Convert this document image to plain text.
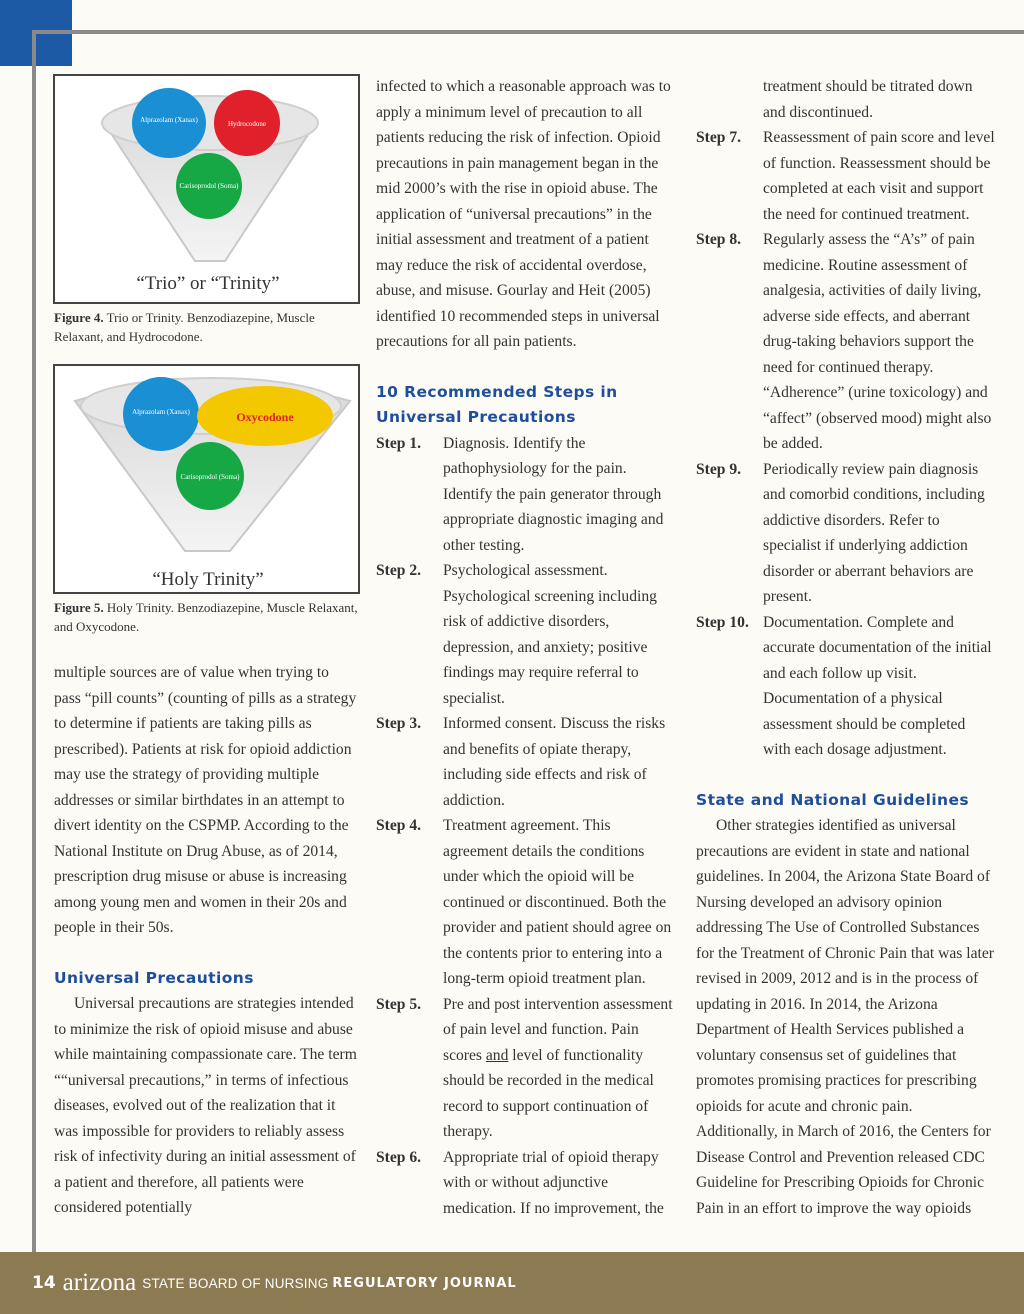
Alprazolam (Xanax)	Hydrocodone
Carisoprodol (Soma)
“Trio” or “Trinity”
Figure 4. Trio or Trinity. Benzodiazepine, Muscle Relaxant, and Hydrocodone.
Alprazolam (Xanax)	Oxycodone
Carisoprodol (Soma)
“Holy Trinity”
Figure 5. Holy Trinity. Benzodiazepine, Muscle Relaxant, and Oxycodone.

multiple sources are of value when trying to pass “pill counts” (counting of pills as a strategy to determine if patients are taking pills as prescribed). Patients at risk for opioid addiction may use the strategy of providing multiple addresses or similar birthdates in an attempt to divert identity on the CSPMP. According to the National Institute on Drug Abuse, as of 2014, prescription drug misuse or abuse is increasing among young men and women in their 20s and people in their 50s.

Universal Precautions

Universal precautions are strategies intended to minimize the risk of opioid misuse and abuse while maintaining compassionate care. The term ““universal precautions,” in terms of infectious diseases, evolved out of the realization that it was impossible for providers to reliably assess risk of infectivity during an initial assessment of a patient and therefore, all patients were considered potentially

infected to which a reasonable approach was to apply a minimum level of precaution to all patients reducing the risk of infection. Opioid precautions in pain management began in the mid 2000’s with the rise in opioid abuse. The application of “universal precautions” in the initial assessment and treatment of a patient may reduce the risk of accidental overdose, abuse, and misuse. Gourlay and Heit (2005) identified 10 recommended steps in universal precautions for all pain patients.

10 Recommended Steps in Universal Precautions
Step 1.	Diagnosis. Identify the pathophysiology for the pain. Identify the pain generator through appropriate diagnostic imaging and other testing.
Step 2.	Psychological assessment. Psychological screening including risk of addictive disorders, depression, and anxiety; positive findings may require referral to specialist.
Step 3.	Informed consent. Discuss the risks and benefits of opiate therapy, including side effects and risk of addiction.
Step 4.	Treatment agreement. This agreement details the conditions under which the opioid will be continued or discontinued. Both the provider and patient should agree on the contents prior to entering into a long-term opioid treatment plan.
Step 5.	Pre and post intervention assessment of pain level and function. Pain scores and level of functionality should be recorded in the medical record to support continuation of therapy.
Step 6.	Appropriate trial of opioid therapy with or without adjunctive medication. If no improvement, the
treatment should be titrated down and discontinued.
Step 7.	Reassessment of pain score and level of function. Reassessment should be completed at each visit and support the need for continued treatment.
Step 8.	Regularly assess the “A’s” of pain medicine. Routine assessment of analgesia, activities of daily living, adverse side effects, and aberrant drug-taking behaviors support the need for continued therapy. “Adherence” (urine toxicology) and “affect” (observed mood) might also be added.
Step 9.	Periodically review pain diagnosis and comorbid conditions, including addictive disorders. Refer to specialist if underlying addiction disorder or aberrant behaviors are present.
Step 10. Documentation. Complete and accurate documentation of the initial and each follow up visit. Documentation of a physical assessment should be completed with each dosage adjustment.
State and National Guidelines

Other strategies identified as universal precautions are evident in state and national guidelines. In 2004, the Arizona State Board of Nursing developed an advisory opinion addressing The Use of Controlled Substances for the Treatment of Chronic Pain that was later revised in 2009, 2012 and is in the process of updating in 2016. In 2014, the Arizona Department of Health Services published a voluntary consensus set of guidelines that promotes promising practices for prescribing opioids for acute and chronic pain. Additionally, in March of 2016, the Centers for Disease Control and Prevention released CDC Guideline for Prescribing Opioids for Chronic Pain in an effort to improve the way opioids

14 arizona STATE BOARD OF NURSING REGULATORY JOURNAL
